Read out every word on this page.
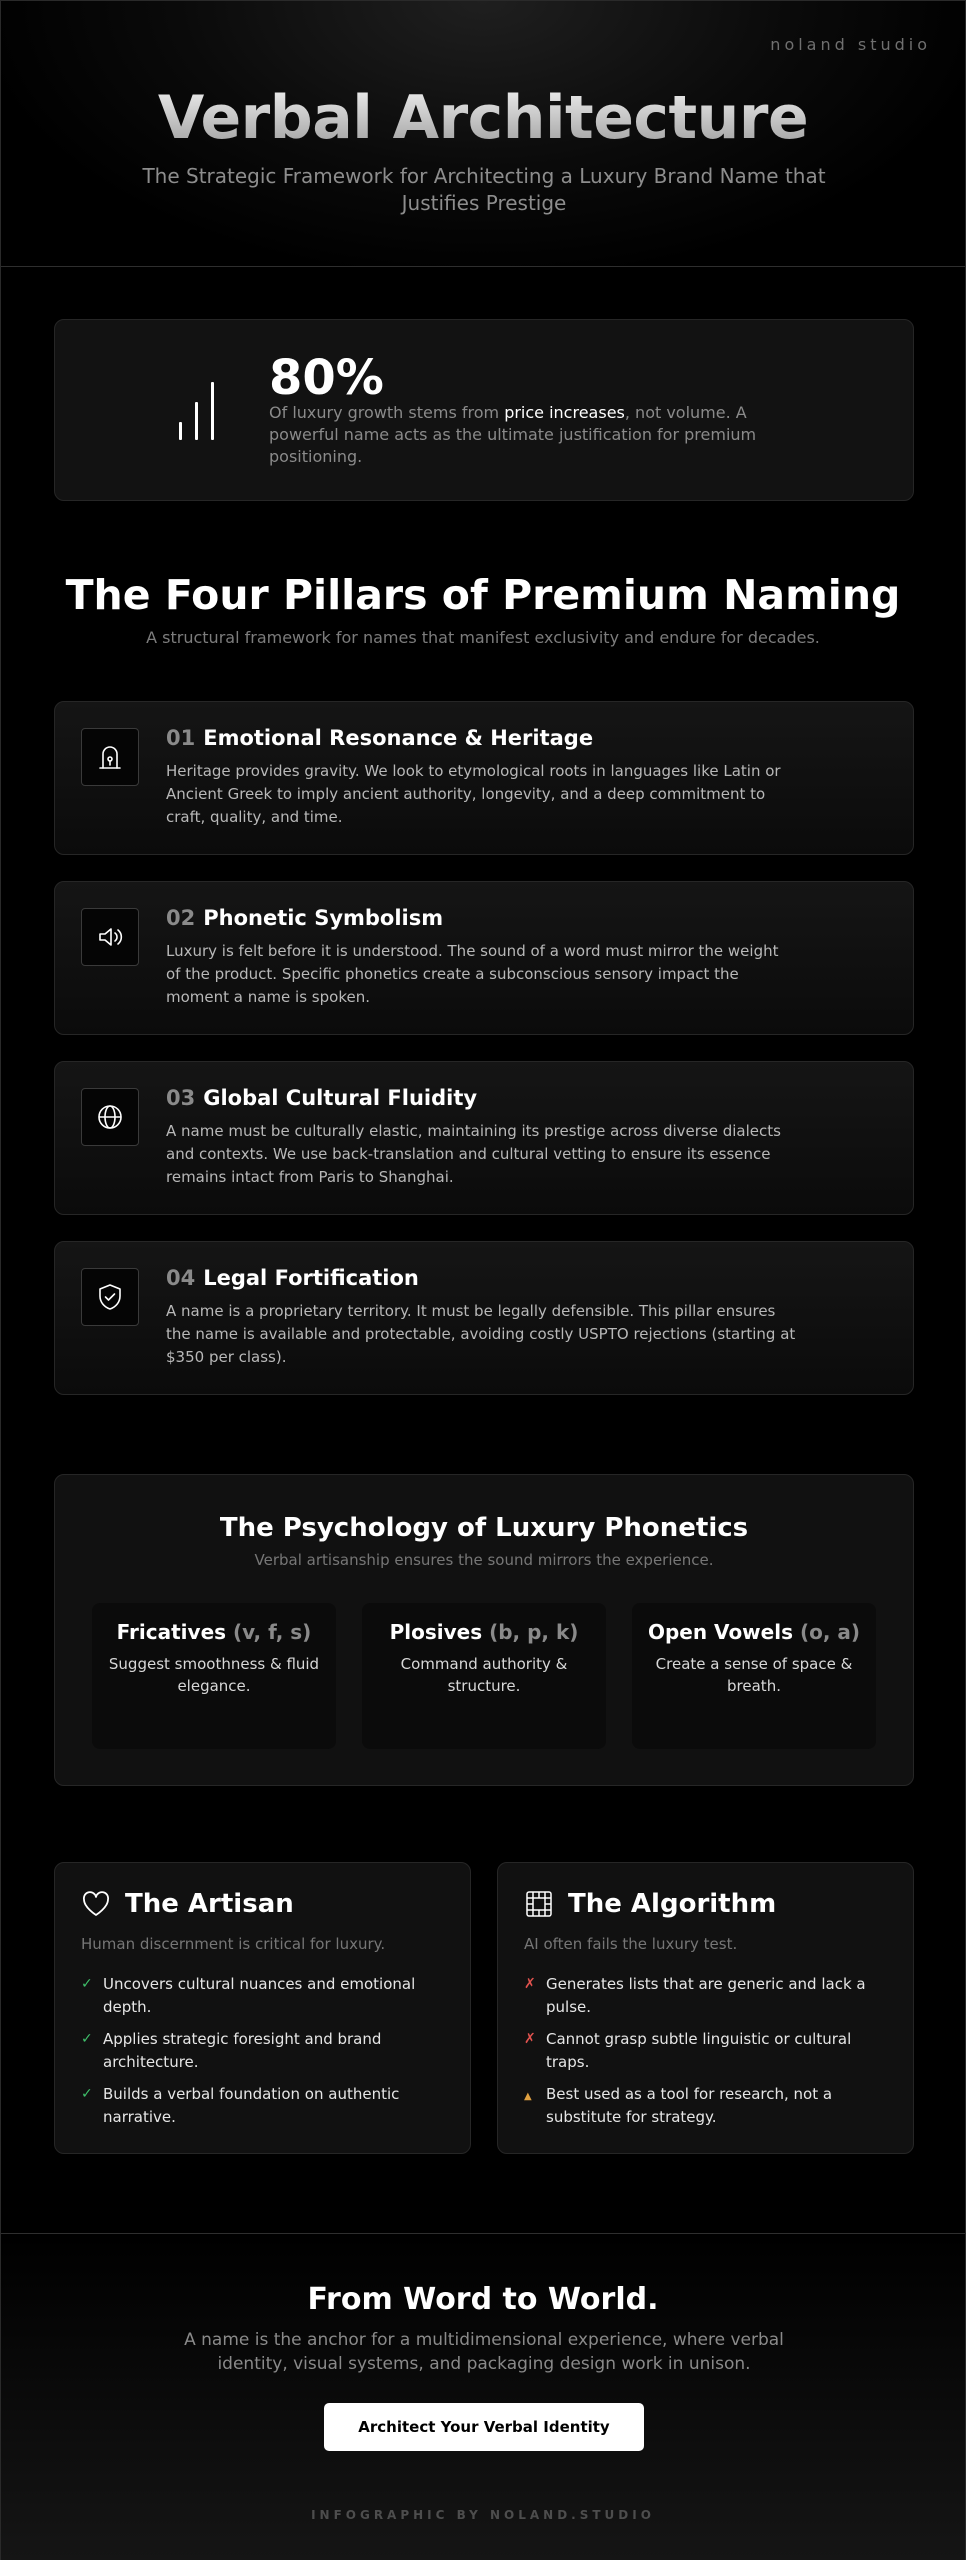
noland studio
Verbal Architecture

The Strategic Framework for Architecting a Luxury Brand Name that Justifies Prestige

80%

Of luxury growth stems from price increases, not volume. A powerful name acts as the ultimate justification for premium positioning.

The Four Pillars of Premium Naming

A structural framework for names that manifest exclusivity and endure for decades.

01 Emotional Resonance & Heritage

Heritage provides gravity. We look to etymological roots in languages like Latin or Ancient Greek to imply ancient authority, longevity, and a deep commitment to craft, quality, and time.

02 Phonetic Symbolism

Luxury is felt before it is understood. The sound of a word must mirror the weight of the product. Specific phonetics create a subconscious sensory impact the moment a name is spoken.

03 Global Cultural Fluidity

A name must be culturally elastic, maintaining its prestige across diverse dialects and contexts. We use back-translation and cultural vetting to ensure its essence remains intact from Paris to Shanghai.

04 Legal Fortification

A name is a proprietary territory. It must be legally defensible. This pillar ensures the name is available and protectable, avoiding costly USPTO rejections (starting at $350 per class).

The Psychology of Luxury Phonetics

Verbal artisanship ensures the sound mirrors the experience.

Fricatives (v, f, s)

Suggest smoothness & fluid elegance.

Plosives (b, p, k)

Command authority & structure.

Open Vowels (o, a)

Create a sense of space & breath.

The Artisan

Human discernment is critical for luxury.

✓ Uncovers cultural nuances and emotional depth.
✓ Applies strategic foresight and brand architecture.
✓ Builds a verbal foundation on authentic narrative.
The Algorithm

AI often fails the luxury test.

✗ Generates lists that are generic and lack a pulse.
✗ Cannot grasp subtle linguistic or cultural traps.
▲ Best used as a tool for research, not a substitute for strategy.
From Word to World.

A name is the anchor for a multidimensional experience, where verbal identity, visual systems, and packaging design work in unison.

Architect Your Verbal Identity
INFOGRAPHIC BY NOLAND.STUDIO
